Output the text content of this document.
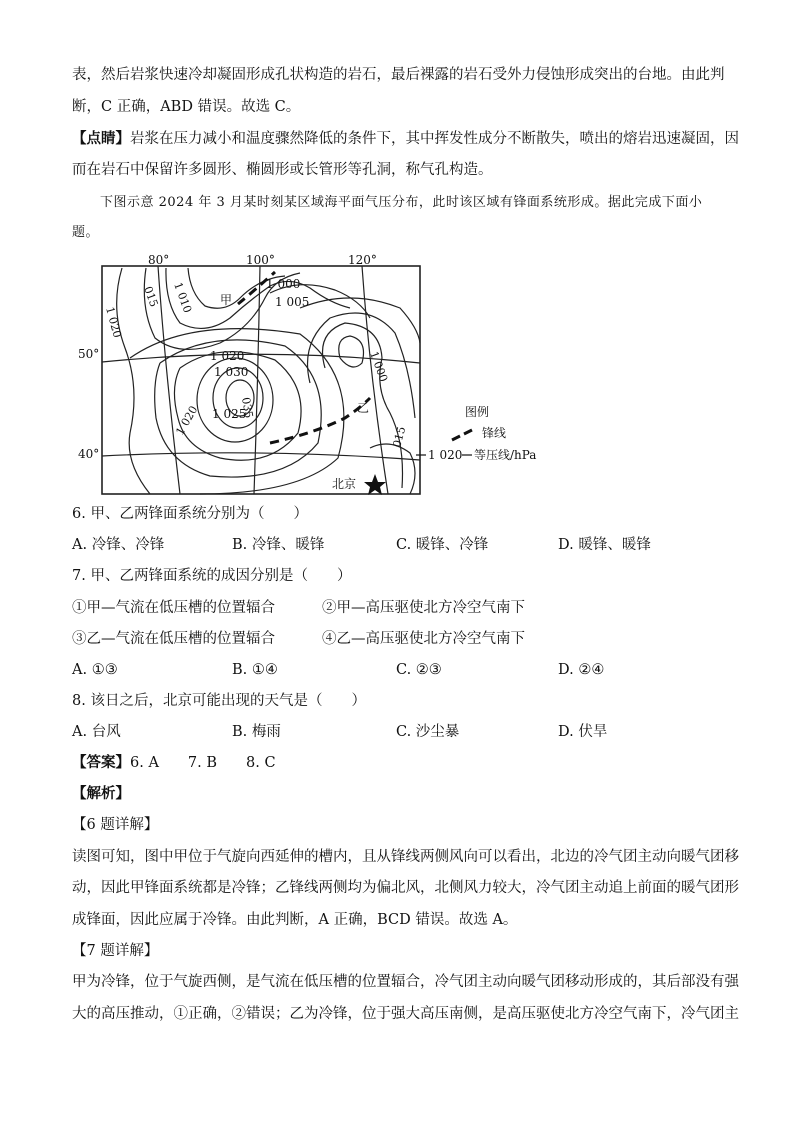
表，然后岩浆快速冷却凝固形成孔状构造的岩石，最后裸露的岩石受外力侵蚀形成突出的台地。由此判
断，C 正确，ABD 错误。故选 C。
【点睛】岩浆在压力减小和温度骤然降低的条件下，其中挥发性成分不断散失，喷出的熔岩迅速凝固，因
而在岩石中保留许多圆形、椭圆形或长管形等孔洞，称气孔构造。
下图示意 2024 年 3 月某时刻某区域海平面气压分布，此时该区域有锋面系统形成。据此完成下面小
题。
80°	100°	120°
50°
40°
1 000
1 005
1 020
1 030
1 025
甲
乙
北京
1 020
015 1 010
035
1 020
1 000
015
图例
锋线
1 020 等压线/hPa
6. 甲、乙两锋面系统分别为（　　）
A. 冷锋、冷锋	B. 冷锋、暖锋	C. 暖锋、冷锋	D. 暖锋、暖锋
7. 甲、乙两锋面系统的成因分别是（　　）
①甲—气流在低压槽的位置辐合	②甲—高压驱使北方冷空气南下
③乙—气流在低压槽的位置辐合	④乙—高压驱使北方冷空气南下
A. ①③	B. ①④	C. ②③	D. ②④
8. 该日之后，北京可能出现的天气是（　　）
A. 台风	B. 梅雨	C. 沙尘暴	D. 伏旱
【答案】6. A　　7. B　　8. C
【解析】
【6 题详解】
读图可知，图中甲位于气旋向西延伸的槽内，且从锋线两侧风向可以看出，北边的冷气团主动向暖气团移
动，因此甲锋面系统都是冷锋；乙锋线两侧均为偏北风，北侧风力较大，冷气团主动追上前面的暖气团形
成锋面，因此应属于冷锋。由此判断，A 正确，BCD 错误。故选 A。
【7 题详解】
甲为冷锋，位于气旋西侧，是气流在低压槽的位置辐合，冷气团主动向暖气团移动形成的，其后部没有强
大的高压推动，①正确，②错误；乙为冷锋，位于强大高压南侧，是高压驱使北方冷空气南下，冷气团主
